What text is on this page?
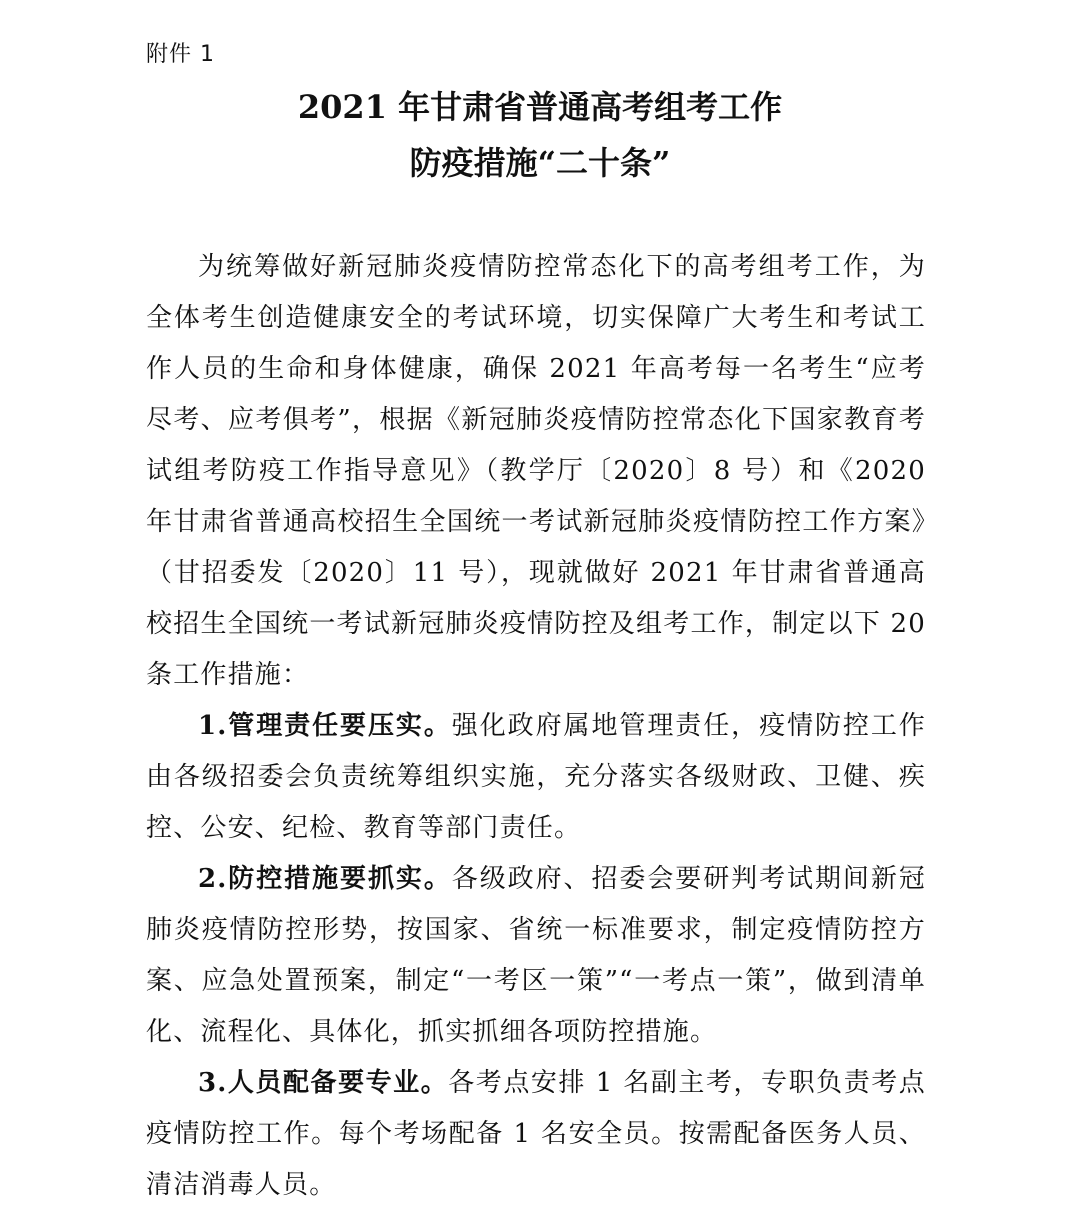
附件 1
2021 年甘肃省普通高考组考工作
防疫措施“二十条”

为统筹做好新冠肺炎疫情防控常态化下的高考组考工作，为全体考生创造健康安全的考试环境，切实保障广大考生和考试工作人员的生命和身体健康，确保 2021 年高考每一名考生“应考尽考、应考俱考”，根据《新冠肺炎疫情防控常态化下国家教育考试组考防疫工作指导意见》（教学厅〔2020〕8 号）和《2020 年甘肃省普通高校招生全国统一考试新冠肺炎疫情防控工作方案》（甘招委发〔2020〕11 号），现就做好 2021 年甘肃省普通高校招生全国统一考试新冠肺炎疫情防控及组考工作，制定以下 20 条工作措施：

1.管理责任要压实。强化政府属地管理责任，疫情防控工作由各级招委会负责统筹组织实施，充分落实各级财政、卫健、疾控、公安、纪检、教育等部门责任。

2.防控措施要抓实。各级政府、招委会要研判考试期间新冠肺炎疫情防控形势，按国家、省统一标准要求，制定疫情防控方案、应急处置预案，制定“一考区一策”“一考点一策”，做到清单化、流程化、具体化，抓实抓细各项防控措施。

3.人员配备要专业。各考点安排 1 名副主考，专职负责考点疫情防控工作。每个考场配备 1 名安全员。按需配备医务人员、清洁消毒人员。
